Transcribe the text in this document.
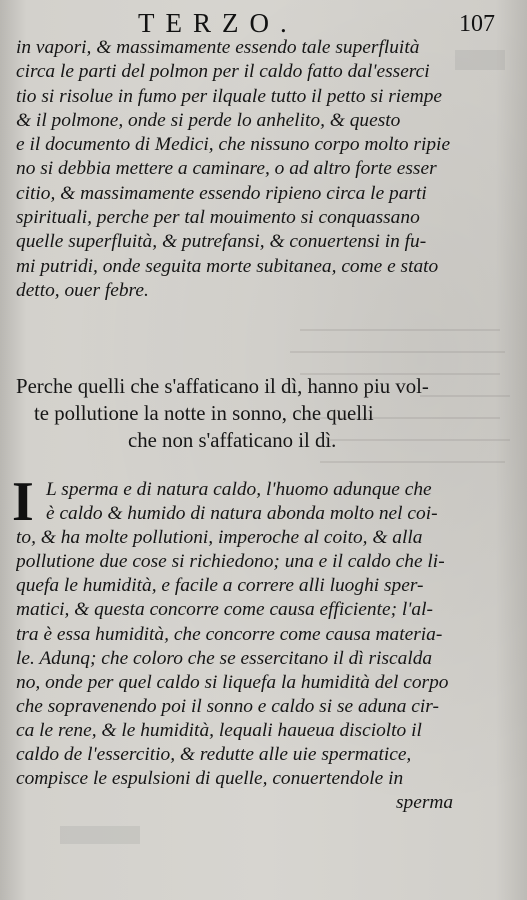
TERZO.	107
in vapori, & massimamente essendo tale superfluità
circa le parti del polmon per il caldo fatto dal'esserci
tio si risolue in fumo per ilquale tutto il petto si riempe
& il polmone, onde si perde lo anhelito, & questo
e il documento di Medici, che nissuno corpo molto ripie
no si debbia mettere a caminare, o ad altro forte esser
citio, & massimamente essendo ripieno circa le parti
spirituali, perche per tal mouimento si conquassano
quelle superfluità, & putrefansi, & conuertensi in fu-
mi putridi, onde seguita morte subitanea, come e stato
detto, ouer febre.
Perche quelli che s'affaticano il dì, hanno piu vol-
te pollutione la notte in sonno, che quelli
che non s'affaticano il dì.
I L sperma e di natura caldo, l'huomo adunque che
è caldo & humido di natura abonda molto nel coi-
to, & ha molte pollutioni, imperoche al coito, & alla
pollutione due cose si richiedono; una e il caldo che li-
quefa le humidità, e facile a correre alli luoghi sper-
matici, & questa concorre come causa efficiente; l'al-
tra è essa humidità, che concorre come causa materia-
le. Adunq; che coloro che se essercitano il dì riscalda
no, onde per quel caldo si liquefa la humidità del corpo
che sopravenendo poi il sonno e caldo si se aduna cir-
ca le rene, & le humidità, lequali haueua disciolto il
caldo de l'essercitio, & redutte alle uie spermatice,
compisce le espulsioni di quelle, conuertendole in
sperma
